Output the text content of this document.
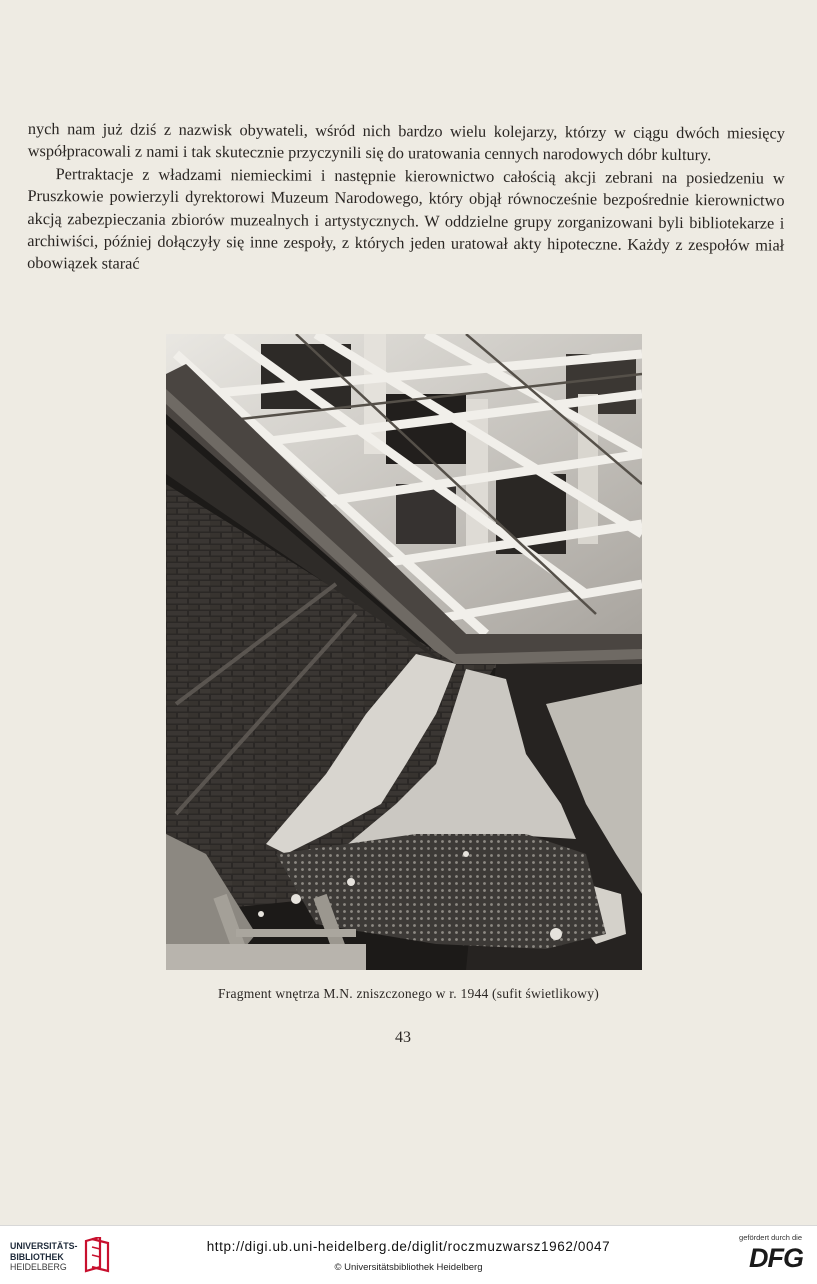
nych nam już dziś z nazwisk obywateli, wśród nich bardzo wielu kolejarzy, którzy w ciągu dwóch miesięcy współpracowali z nami i tak skutecznie przyczynili się do uratowania cennych narodowych dóbr kultury.

Pertraktacje z władzami niemieckimi i następnie kierownictwo całością akcji zebrani na posiedzeniu w Pruszkowie powierzyli dyrektorowi Muzeum Narodowego, który objął równocześnie bezpośrednie kierownictwo akcją zabezpieczania zbiorów muzealnych i artystycznych. W oddzielne grupy zorganizowani byli bibliotekarze i archiwiści, później dołączyły się inne zespoły, z których jeden uratował akty hipoteczne. Każdy z zespołów miał obowiązek starać

Fragment wnętrza M.N. zniszczonego w r. 1944 (sufit świetlikowy)
43
UNIVERSITÄTS-
BIBLIOTHEK
HEIDELBERG
http://digi.ub.uni-heidelberg.de/diglit/roczmuzwarsz1962/0047
© Universitätsbibliothek Heidelberg
gefördert durch die
DFG
